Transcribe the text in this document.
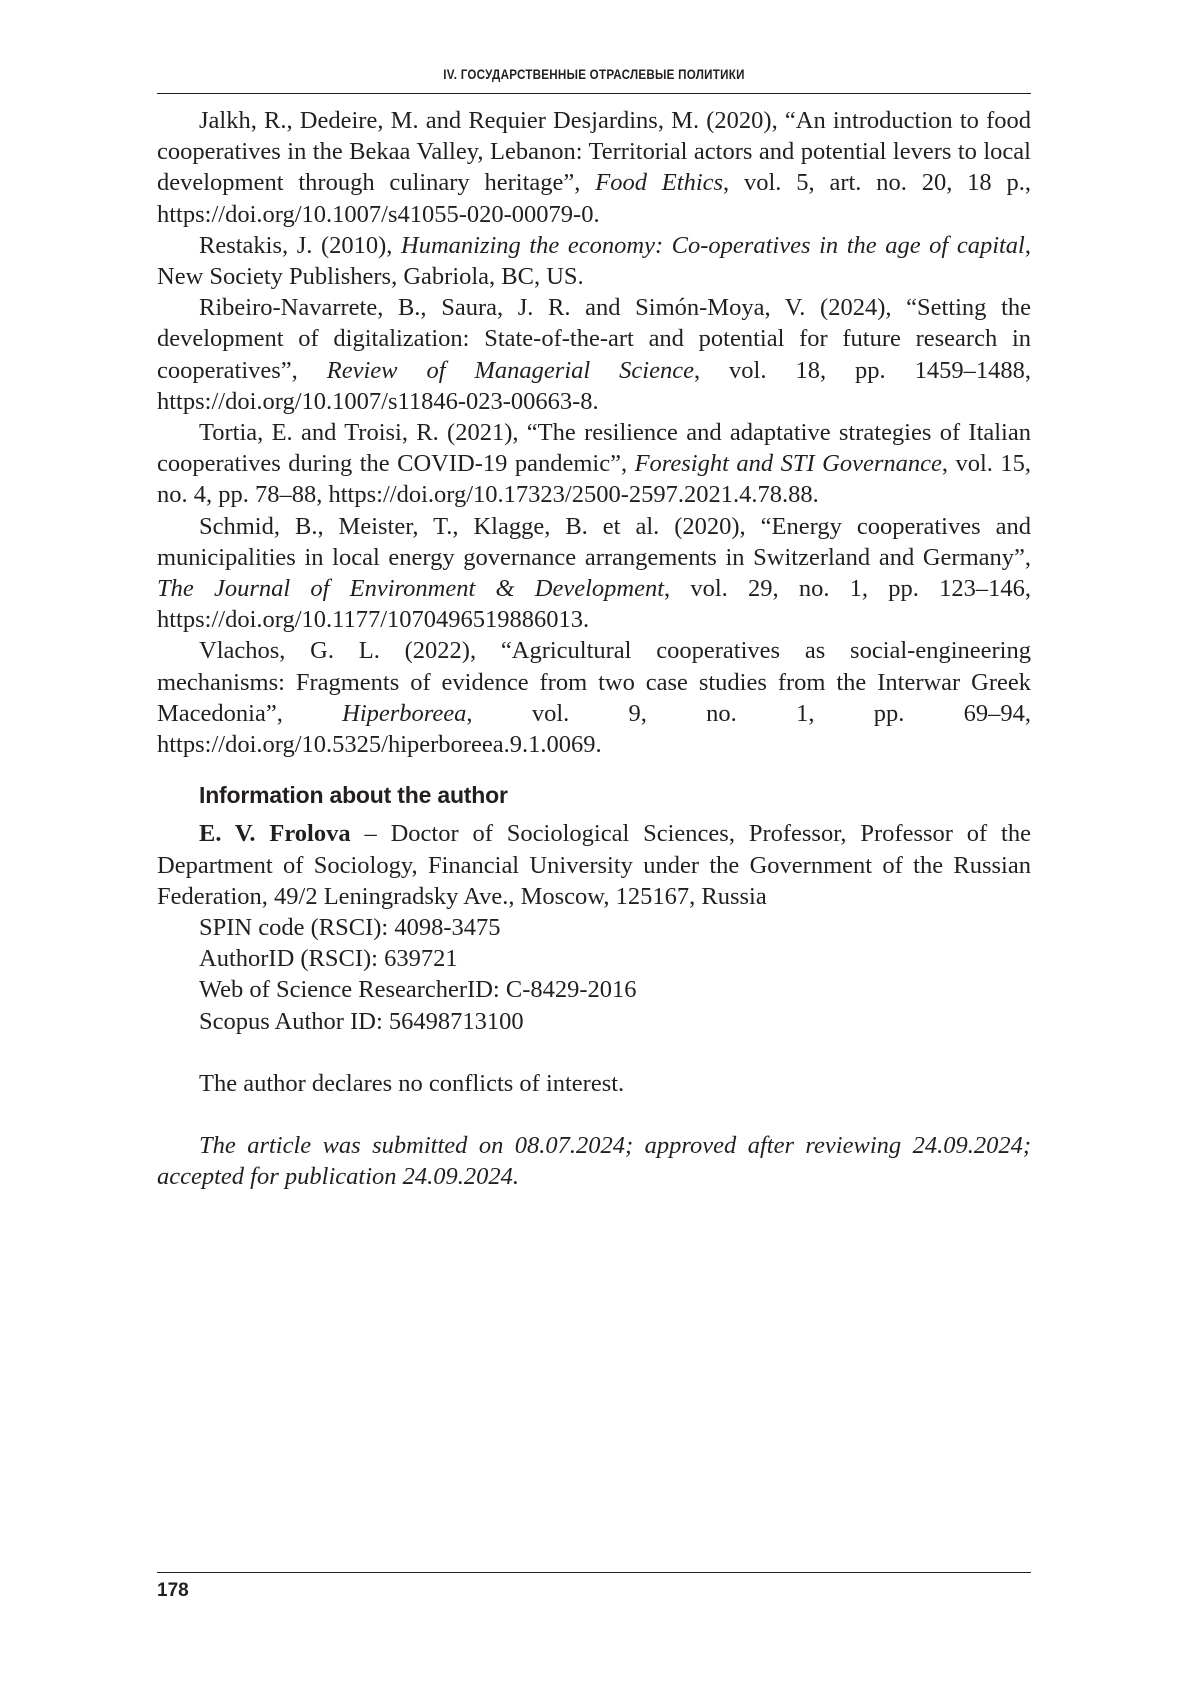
IV. ГОСУДАРСТВЕННЫЕ ОТРАСЛЕВЫЕ ПОЛИТИКИ

Jalkh, R., Dedeire, M. and Requier Desjardins, M. (2020), “An introduction to food cooperatives in the Bekaa Valley, Lebanon: Territorial actors and potential levers to local development through culinary heritage”, Food Ethics, vol. 5, art. no. 20, 18 p., https://doi.org/10.1007/s41055-020-00079-0.

Restakis, J. (2010), Humanizing the economy: Co-operatives in the age of capital, New Society Publishers, Gabriola, BC, US.

Ribeiro-Navarrete, B., Saura, J. R. and Simón-Moya, V. (2024), “Setting the development of digitalization: State-of-the-art and potential for future research in cooperatives”, Review of Managerial Science, vol. 18, pp. 1459–1488, https://doi.org/10.1007/s11846-023-00663-8.

Tortia, E. and Troisi, R. (2021), “The resilience and adaptative strategies of Italian cooperatives during the COVID-19 pandemic”, Foresight and STI Governance, vol. 15, no. 4, pp. 78–88, https://doi.org/10.17323/2500-2597.2021.4.78.88.

Schmid, B., Meister, T., Klagge, B. et al. (2020), “Energy cooperatives and municipalities in local energy governance arrangements in Switzerland and Germany”, The Journal of Environment & Development, vol. 29, no. 1, pp. 123–146, https://doi.org/10.1177/1070496519886013.

Vlachos, G. L. (2022), “Agricultural cooperatives as social-engineering mechanisms: Fragments of evidence from two case studies from the Interwar Greek Macedonia”, Hiperboreea, vol. 9, no. 1, pp. 69–94, https://doi.org/10.5325/hiperboreea.9.1.0069.

Information about the author

E. V. Frolova – Doctor of Sociological Sciences, Professor, Professor of the Department of Sociology, Financial University under the Government of the Russian Federation, 49/2 Leningradsky Ave., Moscow, 125167, Russia

SPIN code (RSCI): 4098-3475

AuthorID (RSCI): 639721

Web of Science ResearcherID: C-8429-2016

Scopus Author ID: 56498713100

The author declares no conflicts of interest.

The article was submitted on 08.07.2024; approved after reviewing 24.09.2024; accepted for publication 24.09.2024.

178
